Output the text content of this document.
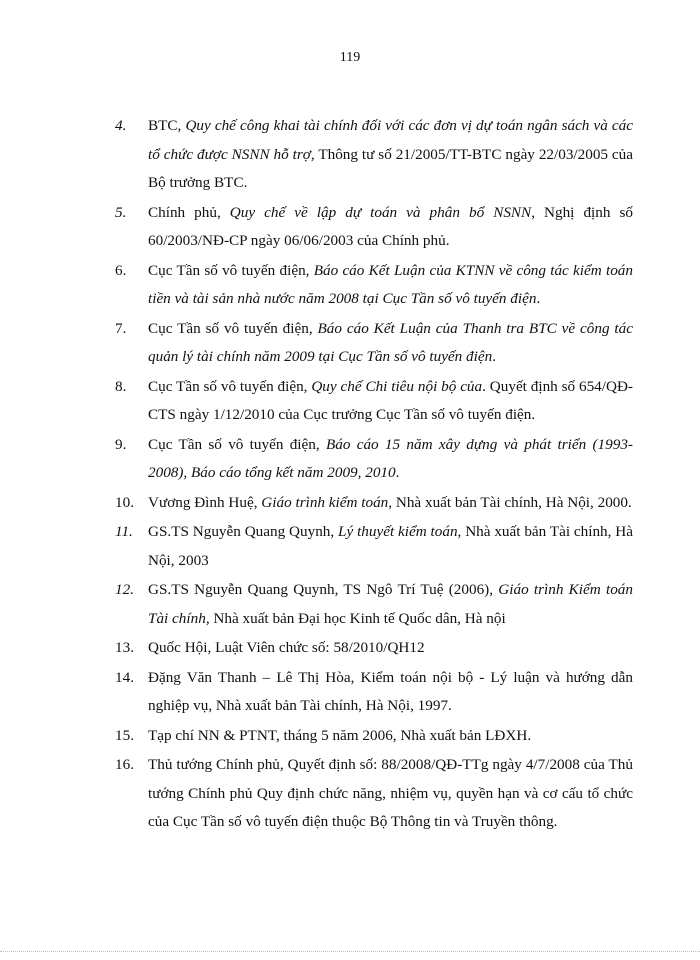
119
4. BTC, Quy chế công khai tài chính đối với các đơn vị dự toán ngân sách và các tổ chức được NSNN hỗ trợ, Thông tư số 21/2005/TT-BTC ngày 22/03/2005 của Bộ trưởng BTC.
5. Chính phủ, Quy chế về lập dự toán và phân bổ NSNN, Nghị định số 60/2003/NĐ-CP ngày 06/06/2003 của Chính phủ.
6. Cục Tần số vô tuyến điện, Báo cáo Kết Luận của KTNN về công tác kiểm toán tiền và tài sản nhà nước năm 2008 tại Cục Tần số vô tuyến điện.
7. Cục Tần số vô tuyến điện, Báo cáo Kết Luận của Thanh tra BTC về công tác quản lý tài chính năm 2009 tại Cục Tần số vô tuyến điện.
8. Cục Tần số vô tuyến điện, Quy chế Chi tiêu nội bộ của. Quyết định số 654/QĐ-CTS ngày 1/12/2010 của Cục trưởng Cục Tần số vô tuyến điện.
9. Cục Tần số vô tuyến điện, Báo cáo 15 năm xây dựng và phát triển (1993-2008), Báo cáo tổng kết năm 2009, 2010.
10. Vương Đình Huệ, Giáo trình kiểm toán, Nhà xuất bản Tài chính, Hà Nội, 2000.
11. GS.TS Nguyễn Quang Quynh, Lý thuyết kiểm toán, Nhà xuất bản Tài chính, Hà Nội, 2003
12. GS.TS Nguyễn Quang Quynh, TS Ngô Trí Tuệ (2006), Giáo trình Kiểm toán Tài chính, Nhà xuất bản Đại học Kinh tế Quốc dân, Hà nội
13. Quốc Hội, Luật Viên chức số: 58/2010/QH12
14. Đặng Văn Thanh – Lê Thị Hòa, Kiểm toán nội bộ - Lý luận và hướng dẫn nghiệp vụ, Nhà xuất bản Tài chính, Hà Nội, 1997.
15. Tạp chí NN & PTNT, tháng 5 năm 2006, Nhà xuất bản LĐXH.
16. Thủ tướng Chính phủ, Quyết định số: 88/2008/QĐ-TTg ngày 4/7/2008 của Thủ tướng Chính phủ Quy định chức năng, nhiệm vụ, quyền hạn và cơ cấu tổ chức của Cục Tần số vô tuyến điện thuộc Bộ Thông tin và Truyền thông.
